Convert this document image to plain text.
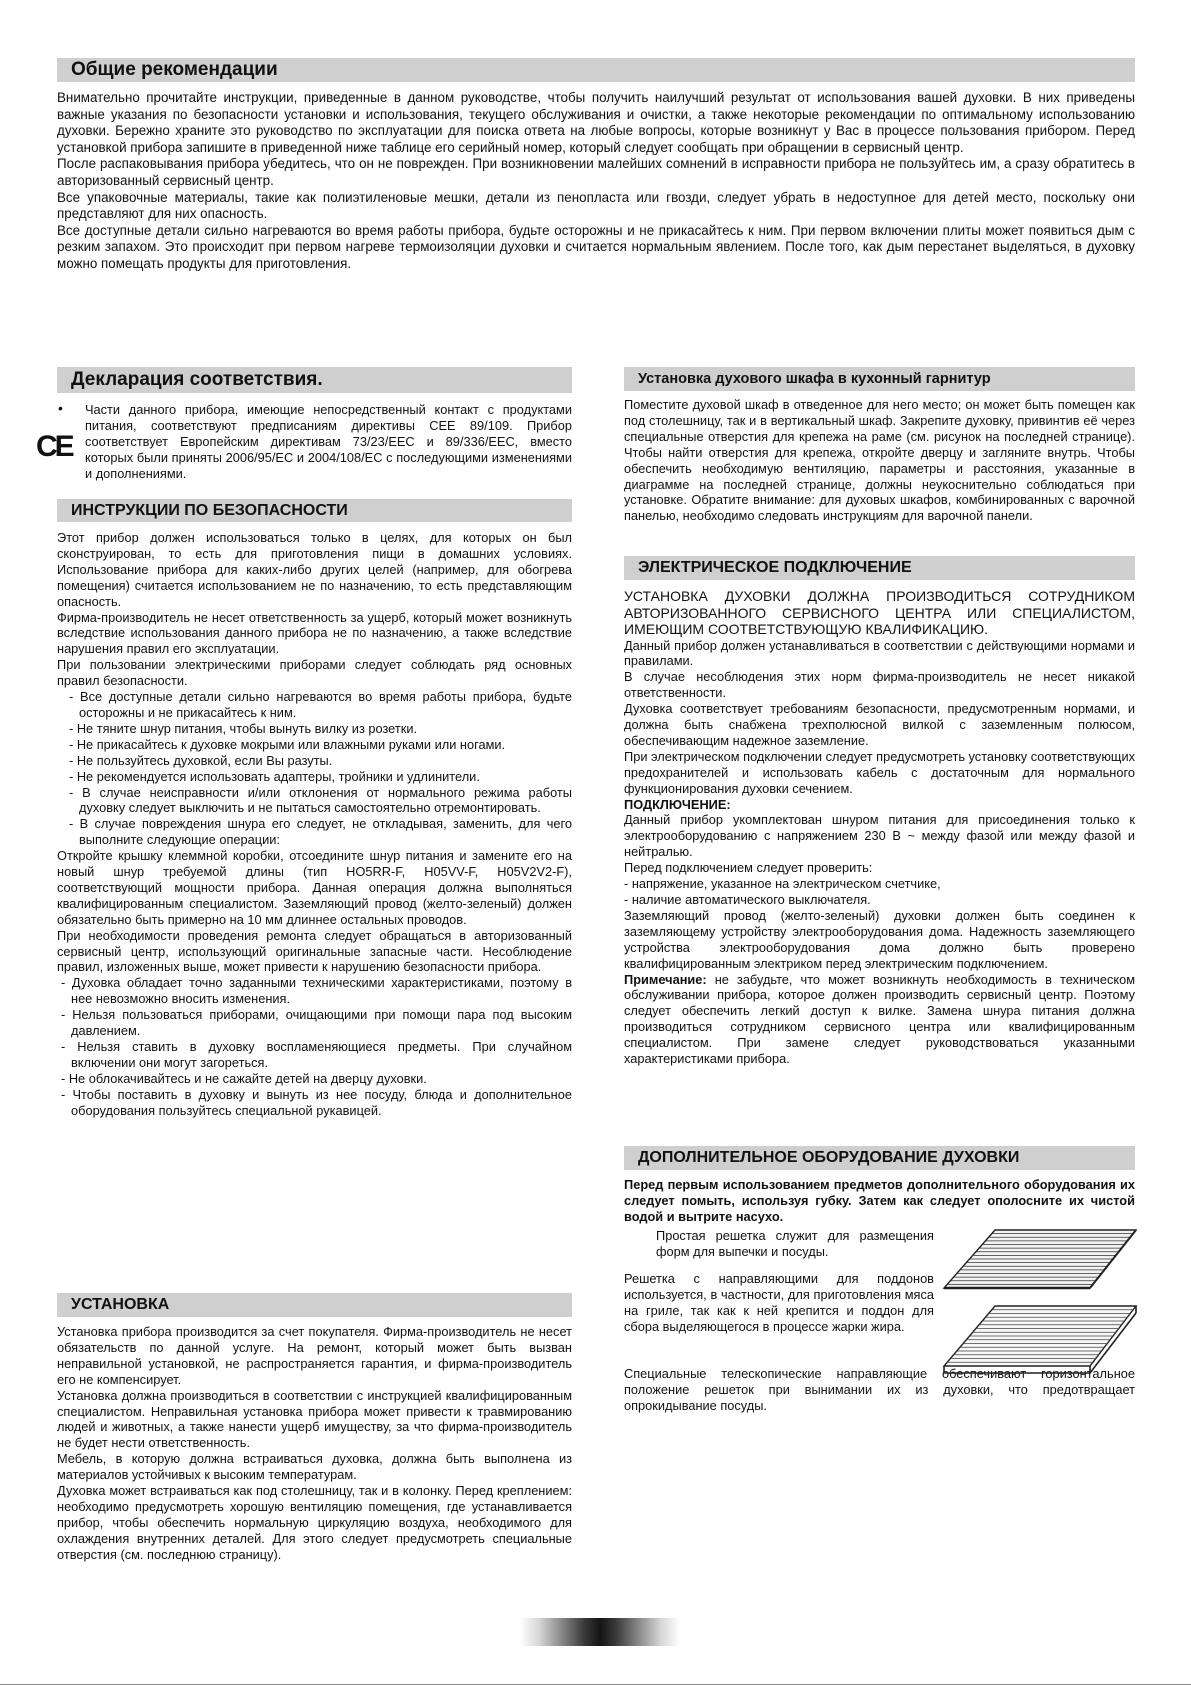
Общие рекомендации

Внимательно прочитайте инструкции, приведенные в данном руководстве, чтобы получить наилучший результат от использования вашей духовки. В них приведены важные указания по безопасности установки и использования, текущего обслуживания и очистки, а также некоторые рекомендации по оптимальному использованию духовки. Бережно храните это руководство по эксплуатации для поиска ответа на любые вопросы, которые возникнут у Вас в процессе пользования прибором. Перед установкой прибора запишите в приведенной ниже таблице его серийный номер, который следует сообщать при обращении в сервисный центр.

После распаковывания прибора убедитесь, что он не поврежден. При возникновении малейших сомнений в исправности прибора не пользуйтесь им, а сразу обратитесь в авторизованный сервисный центр.

Все упаковочные материалы, такие как полиэтиленовые мешки, детали из пенопласта или гвозди, следует убрать в недоступное для детей место, поскольку они представляют для них опасность.

Все доступные детали сильно нагреваются во время работы прибора, будьте осторожны и не прикасайтесь к ним. При первом включении плиты может появиться дым с резким запахом. Это происходит при первом нагреве термоизоляции духовки и считается нормальным явлением. После того, как дым перестанет выделяться, в духовку можно помещать продукты для приготовления.

Декларация соответствия.
•
CE

Части данного прибора, имеющие непосредственный контакт с продуктами питания, соответствуют предписаниям директивы CEE 89/109. Прибор соответствует Европейским директивам 73/23/EEC и 89/336/EEC, вместо которых были приняты 2006/95/EC и 2004/108/EC с последующими изменениями и дополнениями.

ИНСТРУКЦИИ ПО БЕЗОПАСНОСТИ

Этот прибор должен использоваться только в целях, для которых он был сконструирован, то есть для приготовления пищи в домашних условиях. Использование прибора для каких-либо других целей (например, для обогрева помещения) считается использованием не по назначению, то есть представляющим опасность.

Фирма-производитель не несет ответственность за ущерб, который может возникнуть вследствие использования данного прибора не по назначению, а также вследствие нарушения правил его эксплуатации.

При пользовании электрическими приборами следует соблюдать ряд основных правил безопасности.

- Все доступные детали сильно нагреваются во время работы прибора, будьте осторожны и не прикасайтесь к ним.
- Не тяните шнур питания, чтобы вынуть вилку из розетки.
- Не прикасайтесь к духовке мокрыми или влажными руками или ногами.
- Не пользуйтесь духовкой, если Вы разуты.
- Не рекомендуется использовать адаптеры, тройники и удлинители.
- В случае неисправности и/или отклонения от нормального режима работы духовку следует выключить и не пытаться самостоятельно отремонтировать.
- В случае повреждения шнура его следует, не откладывая, заменить, для чего выполните следующие операции:

Откройте крышку клеммной коробки, отсоедините шнур питания и замените его на новый шнур требуемой длины (тип HO5RR-F, H05VV-F, H05V2V2-F), соответствующий мощности прибора. Данная операция должна выполняться квалифицированным специалистом. Заземляющий провод (желто-зеленый) должен обязательно быть примерно на 10 мм длиннее остальных проводов.

При необходимости проведения ремонта следует обращаться в авторизованный сервисный центр, использующий оригинальные запасные части. Несоблюдение правил, изложенных выше, может привести к нарушению безопасности прибора.

- Духовка обладает точно заданными техническими характеристиками, поэтому в нее невозможно вносить изменения.
- Нельзя пользоваться приборами, очищающими при помощи пара под высоким давлением.
- Нельзя ставить в духовку воспламеняющиеся предметы. При случайном включении они могут загореться.
- Не облокачивайтесь и не сажайте детей на дверцу духовки.
- Чтобы поставить в духовку и вынуть из нее посуду, блюда и дополнительное оборудования пользуйтесь специальной рукавицей.
УСТАНОВКА

Установка прибора производится за счет покупателя. Фирма-производитель не несет обязательств по данной услуге. На ремонт, который может быть вызван неправильной установкой, не распространяется гарантия, и фирма-производитель его не компенсирует.

Установка должна производиться в соответствии с инструкцией квалифицированным специалистом. Неправильная установка прибора может привести к травмированию людей и животных, а также нанести ущерб имуществу, за что фирма-производитель не будет нести ответственность.

Мебель, в которую должна встраиваться духовка, должна быть выполнена из материалов устойчивых к высоким температурам.

Духовка может встраиваться как под столешницу, так и в колонку. Перед креплением: необходимо предусмотреть хорошую вентиляцию помещения, где устанавливается прибор, чтобы обеспечить нормальную циркуляцию воздуха, необходимого для охлаждения внутренних деталей. Для этого следует предусмотреть специальные отверстия (см. последнюю страницу).

Установка духового шкафа в кухонный гарнитур

Поместите духовой шкаф в отведенное для него место; он может быть помещен как под столешницу, так и в вертикальный шкаф. Закрепите духовку, привинтив её через специальные отверстия для крепежа на раме (см. рисунок на последней странице). Чтобы найти отверстия для крепежа, откройте дверцу и загляните внутрь. Чтобы обеспечить необходимую вентиляцию, параметры и расстояния, указанные в диаграмме на последней странице, должны неукоснительно соблюдаться при установке. Обратите внимание: для духовых шкафов, комбинированных с варочной панелью, необходимо следовать инструкциям для варочной панели.

ЭЛЕКТРИЧЕСКОЕ ПОДКЛЮЧЕНИЕ

УСТАНОВКА ДУХОВКИ ДОЛЖНА ПРОИЗВОДИТЬСЯ СОТРУДНИКОМ АВТОРИЗОВАННОГО СЕРВИСНОГО ЦЕНТРА ИЛИ СПЕЦИАЛИСТОМ, ИМЕЮЩИМ СООТВЕТСТВУЮЩУЮ КВАЛИФИКАЦИЮ.

Данный прибор должен устанавливаться в соответствии с действующими нормами и правилами.

В случае несоблюдения этих норм фирма-производитель не несет никакой ответственности.

Духовка соответствует требованиям безопасности, предусмотренным нормами, и должна быть снабжена трехполюсной вилкой с заземленным полюсом, обеспечивающим надежное заземление.

При электрическом подключении следует предусмотреть установку соответствующих предохранителей и использовать кабель с достаточным для нормального функционирования духовки сечением.

ПОДКЛЮЧЕНИЕ:

Данный прибор укомплектован шнуром питания для присоединения только к электрооборудованию с напряжением 230 В ~ между фазой или между фазой и нейтралью.

Перед подключением следует проверить:

- напряжение, указанное на электрическом счетчике,

- наличие автоматического выключателя.

Заземляющий провод (желто-зеленый) духовки должен быть соединен к заземляющему устройству электрооборудования дома. Надежность заземляющего устройства электрооборудования дома должно быть проверено квалифицированным электриком перед электрическим подключением.

Примечание: не забудьте, что может возникнуть необходимость в техническом обслуживании прибора, которое должен производить сервисный центр. Поэтому следует обеспечить легкий доступ к вилке. Замена шнура питания должна производиться сотрудником сервисного центра или квалифицированным специалистом. При замене следует руководствоваться указанными характеристиками прибора.

ДОПОЛНИТЕЛЬНОЕ ОБОРУДОВАНИЕ ДУХОВКИ

Перед первым использованием предметов дополнительного оборудования их следует помыть, используя губку. Затем как следует ополосните их чистой водой и вытрите насухо.

Простая решетка служит для размещения форм для выпечки и посуды.

Решетка с направляющими для поддонов используется, в частности, для приготовления мяса на гриле, так как к ней крепится и поддон для сбора выделяющегося в процессе жарки жира.

Специальные телескопические направляющие обеспечивают горизонтальное положение решеток при вынимании их из духовки, что предотвращает опрокидывание посуды.
